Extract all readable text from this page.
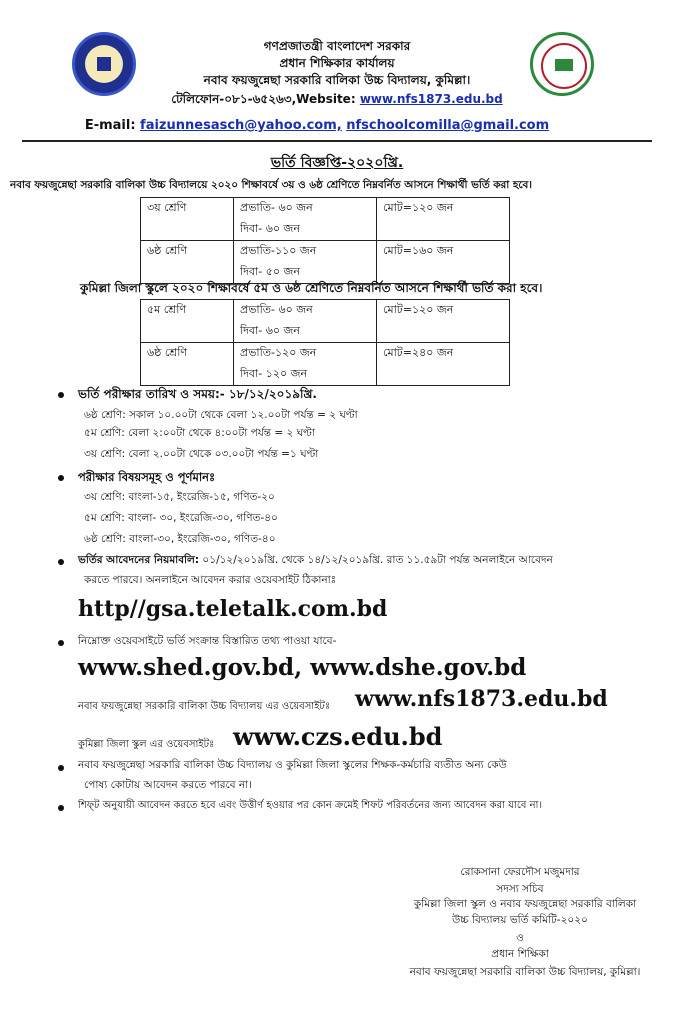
গণপ্রজাতন্ত্রী বাংলাদেশ সরকার
প্রধান শিক্ষিকার কার্যালয়
নবাব ফয়জুন্নেছা সরকারি বালিকা উচ্চ বিদ্যালয়, কুমিল্লা।
টেলিফোন-০৮১-৬৫২৬৩,Website: www.nfs1873.edu.bd
E-mail: faizunnesasch@yahoo.com, nfschoolcomilla@gmail.com
ভর্তি বিজ্ঞপ্তি-২০২০খ্রি.
নবাব ফয়জুন্নেছা সরকারি বালিকা উচ্চ বিদ্যালয়ে ২০২০ শিক্ষাবর্ষে ৩য় ও ৬ষ্ঠ শ্রেণিতে নিম্নবর্নিত আসনে শিক্ষার্থী ভর্তি করা হবে।
৩য় শ্রেণি	প্রভাতি- ৬০ জন	মোট=১২০ জন
	দিবা- ৬০ জন	
৬ষ্ঠ শ্রেণি	প্রভাতি-১১০ জন	মোট=১৬০ জন
	দিবা- ৫০ জন	
কুমিল্লা জিলা স্কুলে ২০২০ শিক্ষাবর্ষে ৫ম ও ৬ষ্ঠ শ্রেণিতে নিম্নবর্নিত আসনে শিক্ষার্থী ভর্তি করা হবে।
৫ম শ্রেণি	প্রভাতি- ৬০ জন	মোট=১২০ জন
	দিবা- ৬০ জন	
৬ষ্ঠ শ্রেণি	প্রভাতি-১২০ জন	মোট=২৪০ জন
	দিবা- ১২০ জন	
ভর্তি পরীক্ষার তারিখ ও সময়:- ১৮/১২/২০১৯খ্রি.
৬ষ্ঠ শ্রেণি: সকাল ১০.০০টা থেকে বেলা ১২.০০টা পর্যন্ত = ২ ঘণ্টা
৫ম শ্রেণি: বেলা ২:০০টা থেকে ৪:০০টা পর্যন্ত = ২ ঘণ্টা
৩য় শ্রেণি: বেলা ২.০০টা থেকে ০৩.০০টা পর্যন্ত =১ ঘণ্টা
পরীক্ষার বিষয়সমূহ ও পূর্ণমানঃ
৩য় শ্রেণি: বাংলা-১৫, ইংরেজি-১৫, গণিত-২০
৫ম শ্রেণি: বাংলা- ৩০, ইংরেজি-৩০, গণিত-৪০
৬ষ্ঠ শ্রেণি: বাংলা-৩০, ইংরেজি-৩০, গণিত-৪০
ভর্তির আবেদনের নিয়মাবলি: ০১/১২/২০১৯খ্রি. থেকে ১৪/১২/২০১৯খ্রি. রাত ১১.৫৯টা পর্যন্ত অনলাইনে আবেদন
করতে পারবে। অনলাইনে আবেদন করার ওয়েবসাইট ঠিকানাঃ
http//gsa.teletalk.com.bd
নিম্নোক্ত ওয়েবসাইটে ভর্তি সংক্রান্ত বিস্তারিত তথ্য পাওয়া যাবে-
www.shed.gov.bd, www.dshe.gov.bd
নবাব ফয়জুন্নেছা সরকারি বালিকা উচ্চ বিদ্যালয় এর ওয়েবসাইটঃ www.nfs1873.edu.bd
কুমিল্লা জিলা স্কুল এর ওয়েবসাইটঃ www.czs.edu.bd
নবাব ফয়জুন্নেছা সরকারি বালিকা উচ্চ বিদ্যালয় ও কুমিল্লা জিলা স্কুলের শিক্ষক-কর্মচারি ব্যতীত অন্য কেউ
পোষ্য কোটায় আবেদন করতে পারবে না।
শিফ্‌ট অনুযায়ী আবেদন করতে হবে এবং উত্তীর্ণ হওয়ার পর কোন ক্রমেই শিফট পরিবর্তনের জন্য আবেদন করা যাবে না।
রোকসানা ফেরদৌস মজুমদার
সদস্য সচিব
কুমিল্লা জিলা স্কুল ও নবাব ফয়জুন্নেছা সরকারি বালিকা
উচ্চ বিদ্যালয় ভর্তি কমিটি-২০২০
ও
প্রধান শিক্ষিকা
নবাব ফয়জুন্নেছা সরকারি বালিকা উচ্চ বিদ্যালয়, কুমিল্লা।
